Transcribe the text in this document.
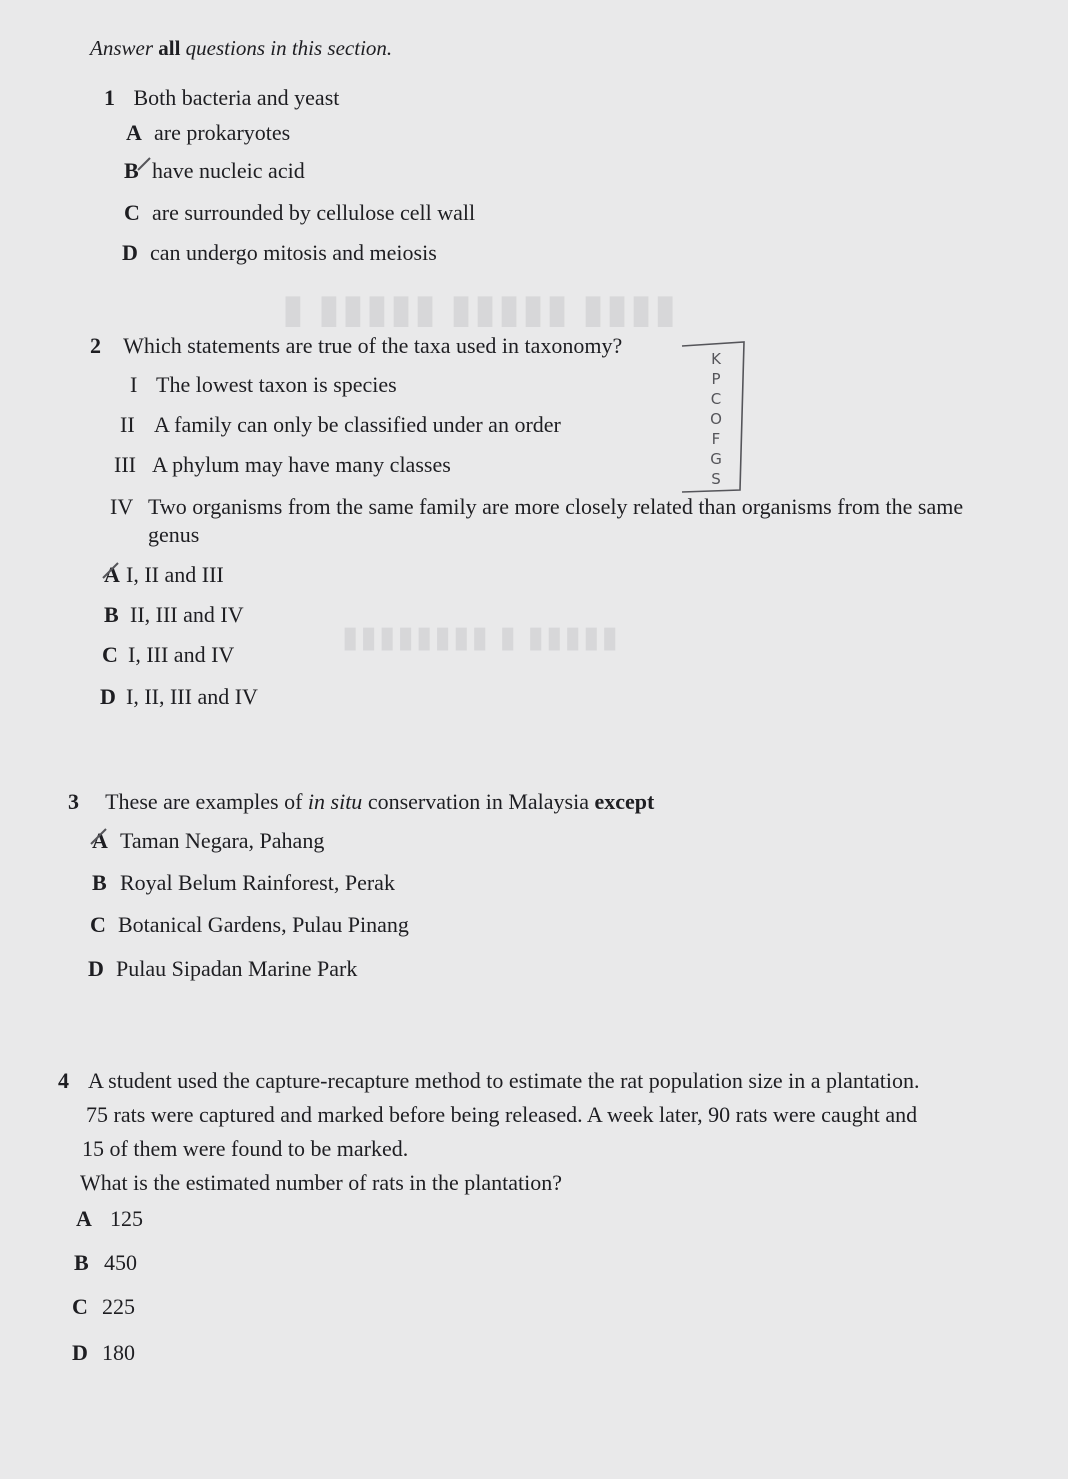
▮▮▮▮ ▮▮▮▮▮ ▮▮▮▮▮ ▮
▮▮▮▮▮ ▮ ▮▮▮▮▮▮▮▮
Answer all questions in this section.
1 Both bacteria and yeast
A are prokaryotes
B have nucleic acid
C are surrounded by cellulose cell wall
D can undergo mitosis and meiosis
2 Which statements are true of the taxa used in taxonomy?
I The lowest taxon is species
II A family can only be classified under an order
III A phylum may have many classes
IV Two organisms from the same family are more closely related than organisms from the same
genus
K
P
C
O
F
G
S
A I, II and III
B II, III and IV
C I, III and IV
D I, II, III and IV
3 These are examples of in situ conservation in Malaysia except
A Taman Negara, Pahang
B Royal Belum Rainforest, Perak
C Botanical Gardens, Pulau Pinang
D Pulau Sipadan Marine Park
4 A student used the capture-recapture method to estimate the rat population size in a plantation.
75 rats were captured and marked before being released. A week later, 90 rats were caught and
15 of them were found to be marked.
What is the estimated number of rats in the plantation?
A 125
B 450
C 225
D 180
